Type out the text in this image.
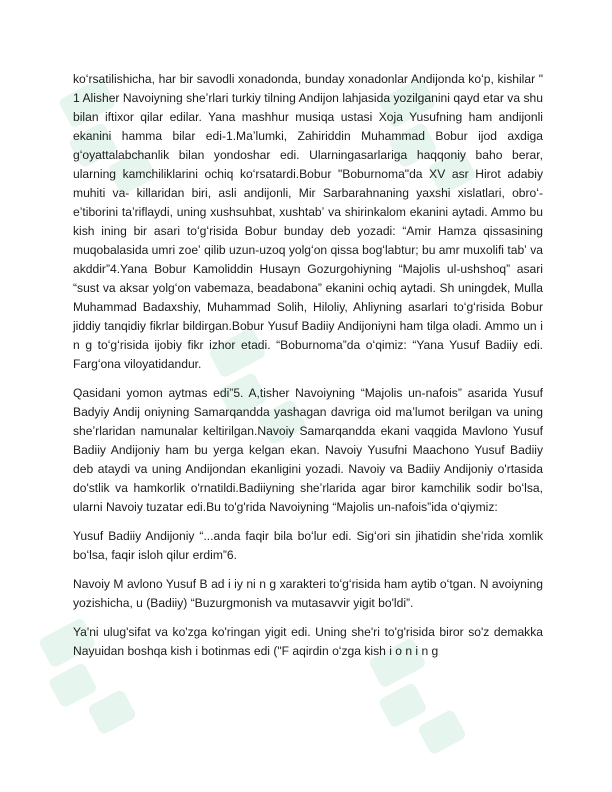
koʻrsatilishicha, har bir savodli xonadonda, bunday xonadonlar Andijonda koʻp, kishilar " 1 Alisher Navoiyning sheʼrlari turkiy tilning Andijon lahjasida yozilganini qayd etar va shu bilan iftixor qilar edilar. Yana mashhur musiqa ustasi Xoja Yusufning ham andijonli ekanini hamma bilar edi-1.Maʼlumki, Zahiriddin Muhammad Bobur ijod axdiga gʻoyattalabchanlik bilan yondoshar edi. Ularningasarlariga haqqoniy baho berar, ularning kamchiliklarini ochiq koʻrsatardi.Bobur "Boburnoma"da XV asr Hirot adabiy muhiti va- killaridan biri, asli andijonli, Mir Sarbarahnaning yaxshi xislatlari, obroʻ-eʼtiborini taʼriflaydi, uning xushsuhbat, xushtabʼ va shirinkalom ekanini aytadi. Ammo bu kish ining bir asari toʻgʻrisida Bobur bunday deb yozadi: “Amir Hamza qissasining muqobalasida umri zoeʼ qilib uzun-uzoq yolgʻon qissa bogʻlabtur; bu amr muxolifi tabʼ va akddir”4.Yana Bobur Kamoliddin Husayn Gozurgohiyning “Majolis ul-ushshoq” asari “sust va aksar yolgʻon vabemaza, beadabona” ekanini ochiq aytadi. Sh uningdek, Mulla Muhammad Badaxshiy, Muhammad Solih, Hiloliy, Ahliyning asarlari toʻgʻrisida Bobur jiddiy tanqidiy fikrlar bildirgan.Bobur Yusuf Badiiy Andijoniyni ham tilga oladi. Ammo un i n g toʻgʻrisida ijobiy fikr izhor etadi. “Boburnoma”da oʻqimiz: “Yana Yusuf Badiiy edi. Fargʻona viloyatidandur.

Qasidani yomon aytmas edi”5. A,tisher Navoiyning “Majolis un-nafois” asarida Yusuf Badyiy Andij oniyning Samarqandda yashagan davriga oid maʼlumot berilgan va uning sheʼrlaridan namunalar keltirilgan.Navoiy Samarqandda ekani vaqgida Mavlono Yusuf Badiiy Andijoniy ham bu yerga kelgan ekan. Navoiy Yusufni Maachono Yusuf Badiiy deb ataydi va uning Andijondan ekanligini yozadi. Navoiy va Badiiy Andijoniy o'rtasida do'stlik va hamkorlik o'rnatildi.Badiiyning sheʼrlarida agar biror kamchilik sodir boʻlsa, ularni Navoiy tuzatar edi.Bu to'g'rida Navoiyning “Majolis un-nafois”ida oʻqiymiz:

Yusuf Badiiy Andijoniy “...anda faqir bila boʻlur edi. Sigʻori sin jihatidin sheʼrida xomlik boʻlsa, faqir isloh qilur erdim”6.

Navoiy M avlono Yusuf B ad i iy ni n g xarakteri toʻgʻrisida ham aytib oʻtgan. N avoiyning yozishicha, u (Badiiy) “Buzurgmonish va mutasavvir yigit bo'ldi”.

Ya'ni ulug'sifat va ko'zga ko'ringan yigit edi. Uning she'ri to'g'risida biror so'z demakka Nayuidan boshqa kish i botinmas edi ("F aqirdin oʻzga kish i o n i n g
